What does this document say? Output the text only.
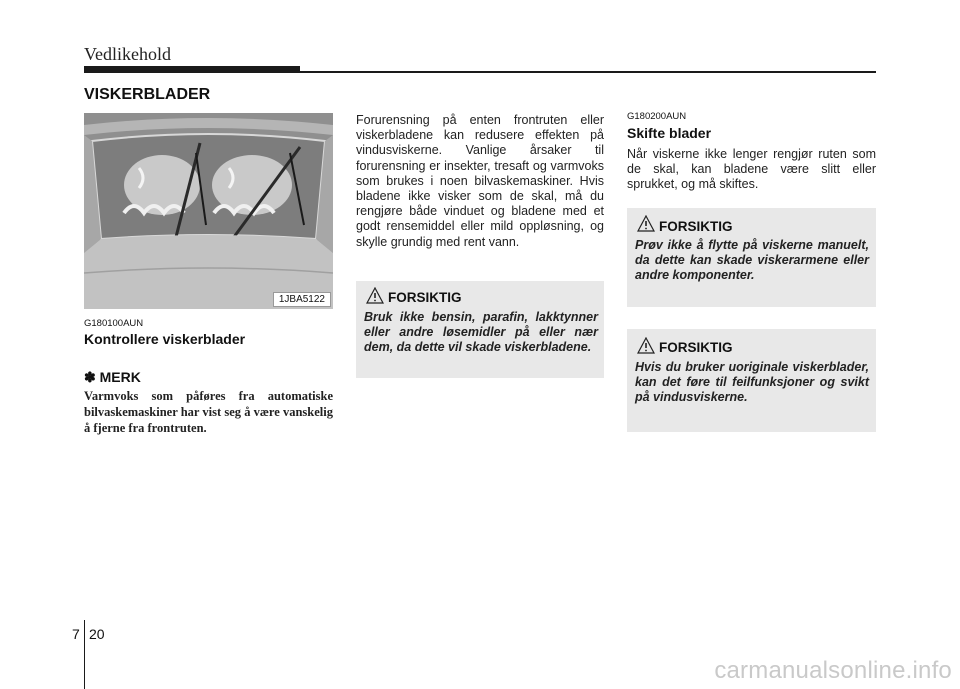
Vedlikehold
VISKERBLADER
1JBA5122
G180100AUN
Kontrollere viskerblader
✽ MERK
Varmvoks som påføres fra automatiske bilvaskemaskiner har vist seg å være vanskelig å fjerne fra frontruten.
Forurensning på enten frontruten eller viskerbladene kan redusere effekten på vindusviskerne. Vanlige årsaker til forurensning er insekter, tresaft og varmvoks som brukes i noen bilvaskemaskiner. Hvis bladene ikke visker som de skal, må du rengjøre både vinduet og bladene med et godt rensemiddel eller mild oppløsning, og skylle grundig med rent vann.
FORSIKTIG
Bruk ikke bensin, parafin, lakktynner eller andre løsemidler på eller nær dem, da dette vil skade viskerbladene.
G180200AUN
Skifte blader
Når viskerne ikke lenger rengjør ruten som de skal, kan bladene være slitt eller sprukket, og må skiftes.
FORSIKTIG
Prøv ikke å flytte på viskerne manuelt, da dette kan skade viskerarmene eller andre komponenter.
FORSIKTIG
Hvis du bruker uoriginale viskerblader, kan det føre til feilfunksjoner og svikt på vindusviskerne.
7 20
carmanualsonline.info
